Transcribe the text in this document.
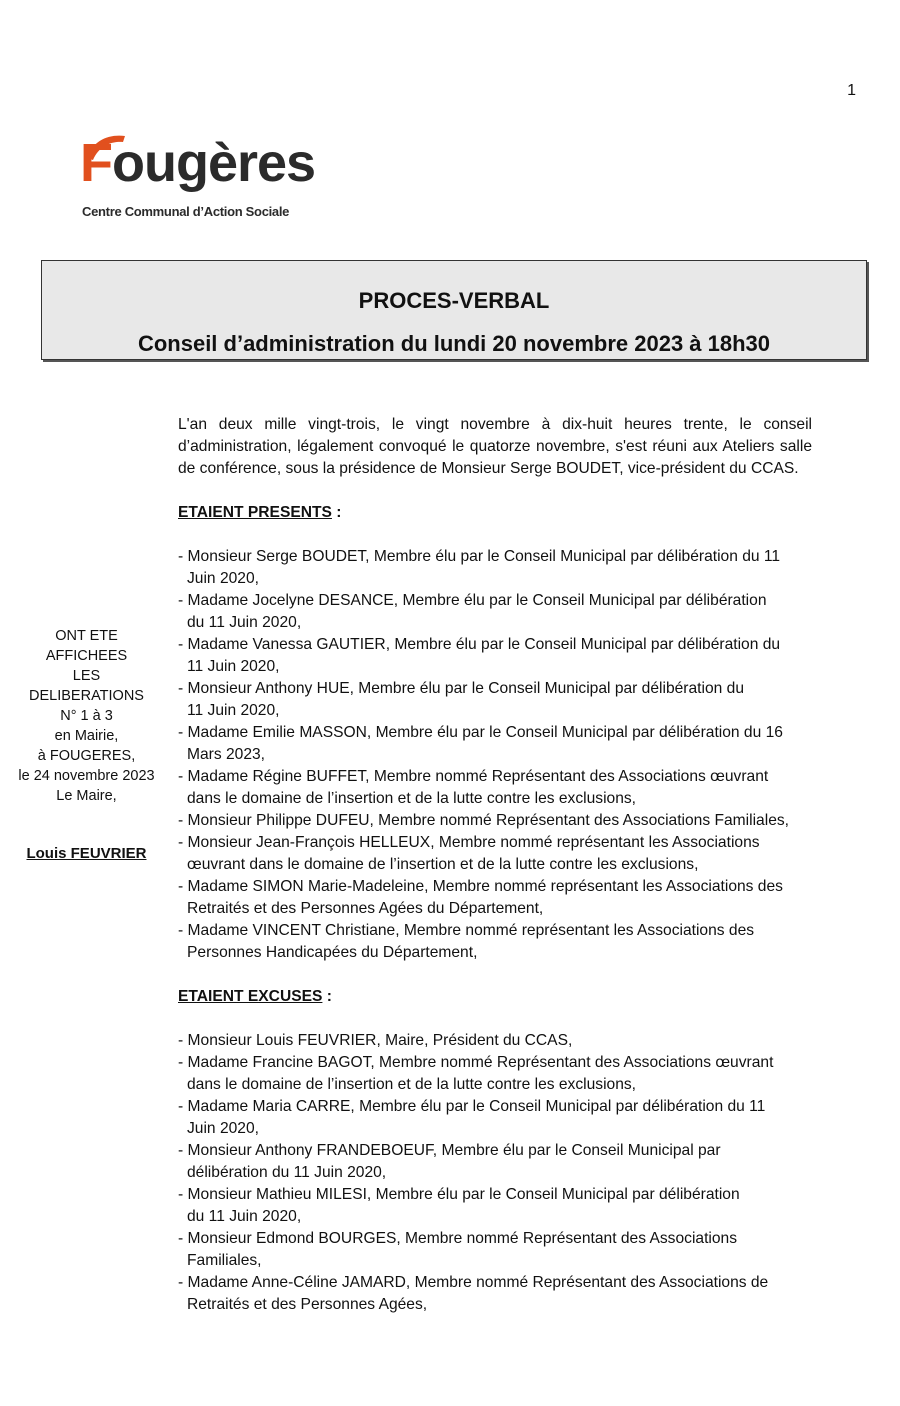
1
Fougères
Centre Communal d’Action Sociale
PROCES-VERBAL
Conseil d’administration du lundi 20 novembre 2023 à 18h30
ONT ETE AFFICHEES
LES DELIBERATIONS
N° 1 à 3
en Mairie,
à FOUGERES,
le 24 novembre 2023
Le Maire,
Louis FEUVRIER

L'an deux mille vingt-trois, le vingt novembre à dix-huit heures trente, le conseil d’administration, légalement convoqué le quatorze novembre, s'est réuni aux Ateliers salle de conférence, sous la présidence de Monsieur Serge BOUDET, vice-président du CCAS.

ETAIENT PRESENTS :
- Monsieur Serge BOUDET, Membre élu par le Conseil Municipal par délibération du 11
Juin 2020,
- Madame Jocelyne DESANCE, Membre élu par le Conseil Municipal par délibération
du 11 Juin 2020,
- Madame Vanessa GAUTIER, Membre élu par le Conseil Municipal par délibération du
11 Juin 2020,
- Monsieur Anthony HUE, Membre élu par le Conseil Municipal par délibération du
11 Juin 2020,
- Madame Emilie MASSON, Membre élu par le Conseil Municipal par délibération du 16
Mars 2023,
- Madame Régine BUFFET, Membre nommé Représentant des Associations œuvrant
dans le domaine de l’insertion et de la lutte contre les exclusions,
- Monsieur Philippe DUFEU, Membre nommé Représentant des Associations Familiales,
- Monsieur Jean-François HELLEUX, Membre nommé représentant les Associations
œuvrant dans le domaine de l’insertion et de la lutte contre les exclusions,
- Madame SIMON Marie-Madeleine, Membre nommé représentant les Associations des
Retraités et des Personnes Agées du Département,
- Madame VINCENT Christiane, Membre nommé représentant les Associations des
Personnes Handicapées du Département,
ETAIENT EXCUSES :
- Monsieur Louis FEUVRIER, Maire, Président du CCAS,
- Madame Francine BAGOT, Membre nommé Représentant des Associations œuvrant
dans le domaine de l’insertion et de la lutte contre les exclusions,
- Madame Maria CARRE, Membre élu par le Conseil Municipal par délibération du 11
Juin 2020,
- Monsieur Anthony FRANDEBOEUF, Membre élu par le Conseil Municipal par
délibération du 11 Juin 2020,
- Monsieur Mathieu MILESI, Membre élu par le Conseil Municipal par délibération
du 11 Juin 2020,
- Monsieur Edmond BOURGES, Membre nommé Représentant des Associations
Familiales,
- Madame Anne-Céline JAMARD, Membre nommé Représentant des Associations de
Retraités et des Personnes Agées,
